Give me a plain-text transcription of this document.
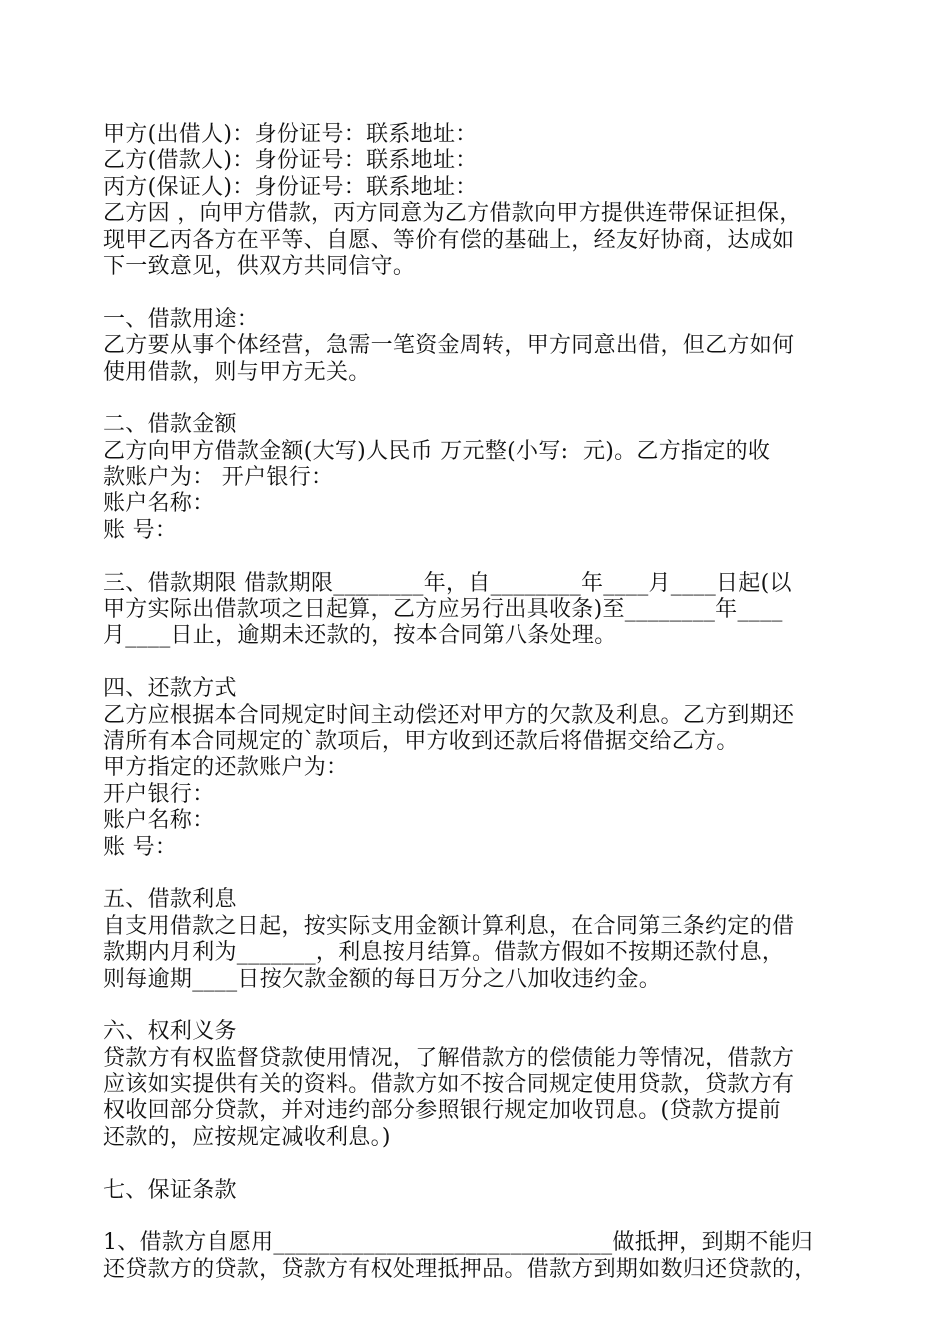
甲方(出借人)：身份证号：联系地址：
乙方(借款人)：身份证号：联系地址：
丙方(保证人)：身份证号：联系地址：
乙方因 ，向甲方借款，丙方同意为乙方借款向甲方提供连带保证担保，
现甲乙丙各方在平等、自愿、等价有偿的基础上，经友好协商，达成如
下一致意见，供双方共同信守。
一、借款用途：
乙方要从事个体经营，急需一笔资金周转，甲方同意出借，但乙方如何
使用借款，则与甲方无关。
二、借款金额
乙方向甲方借款金额(大写)人民币 万元整(小写:  元)。乙方指定的收
款账户为： 开户银行：
账户名称：
账 号：
三、借款期限 借款期限________年，自________年____月____日起(以
甲方实际出借款项之日起算，乙方应另行出具收条)至________年____
月____日止，逾期未还款的，按本合同第八条处理。
四、还款方式
乙方应根据本合同规定时间主动偿还对甲方的欠款及利息。乙方到期还
清所有本合同规定的`款项后，甲方收到还款后将借据交给乙方。
甲方指定的还款账户为：
开户银行：
账户名称：
账 号：
五、借款利息
自支用借款之日起，按实际支用金额计算利息，在合同第三条约定的借
款期内月利为_______，利息按月结算。借款方假如不按期还款付息，
则每逾期____日按欠款金额的每日万分之八加收违约金。
六、权利义务
贷款方有权监督贷款使用情况，了解借款方的偿债能力等情况，借款方
应该如实提供有关的资料。借款方如不按合同规定使用贷款，贷款方有
权收回部分贷款，并对违约部分参照银行规定加收罚息。(贷款方提前
还款的，应按规定减收利息。)
七、保证条款
1、借款方自愿用______________________________做抵押，到期不能归
还贷款方的贷款，贷款方有权处理抵押品。借款方到期如数归还贷款的，
